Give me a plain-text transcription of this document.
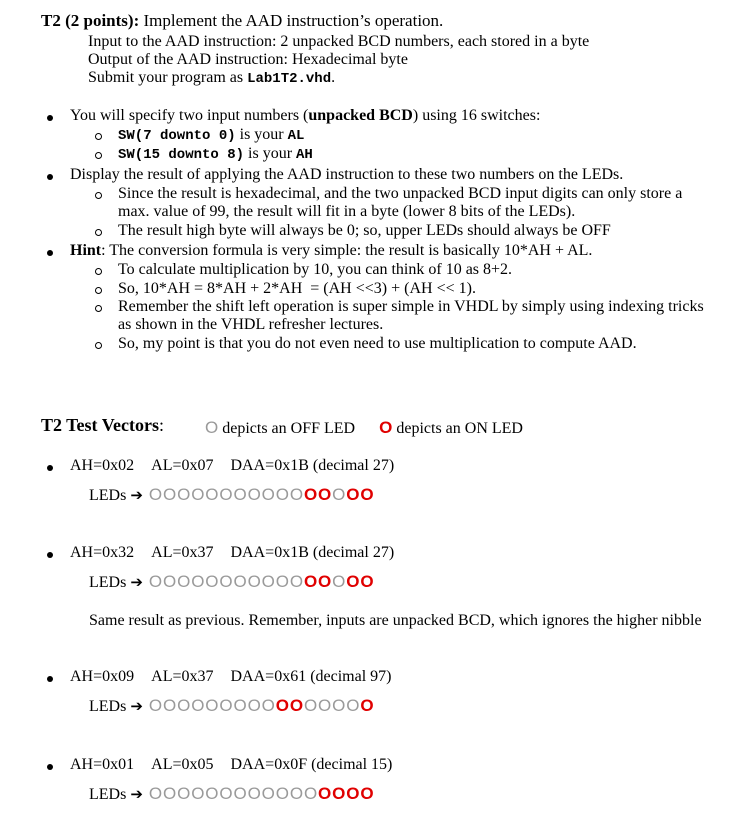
T2 (2 points): Implement the AAD instruction’s operation.
Input to the AAD instruction: 2 unpacked BCD numbers, each stored in a byte
Output of the AAD instruction: Hexadecimal byte
Submit your program as Lab1T2.vhd.
You will specify two input numbers (unpacked BCD) using 16 switches:
SW(7 downto 0) is your AL
SW(15 downto 8) is your AH
Display the result of applying the AAD instruction to these two numbers on the LEDs.
Since the result is hexadecimal, and the two unpacked BCD input digits can only store a
max. value of 99, the result will fit in a byte (lower 8 bits of the LEDs).
The result high byte will always be 0; so, upper LEDs should always be OFF
Hint: The conversion formula is very simple: the result is basically 10*AH + AL.
To calculate multiplication by 10, you can think of 10 as 8+2.
So, 10*AH = 8*AH + 2*AH  = (AH <<3) + (AH << 1).
Remember the shift left operation is super simple in VHDL by simply using indexing tricks
as shown in the VHDL refresher lectures.
So, my point is that you do not even need to use multiplication to compute AAD.
T2 Test Vectors: O depicts an OFF LED O depicts an ON LED
AH=0x02 AL=0x07 DAA=0x1B (decimal 27)
LEDs ➔ OOOOOOOOOOOOOOOO
AH=0x32 AL=0x37 DAA=0x1B (decimal 27)
LEDs ➔ OOOOOOOOOOOOOOOO
Same result as previous. Remember, inputs are unpacked BCD, which ignores the higher nibble
AH=0x09 AL=0x37 DAA=0x61 (decimal 97)
LEDs ➔ OOOOOOOOOOOOOOOO
AH=0x01 AL=0x05 DAA=0x0F (decimal 15)
LEDs ➔ OOOOOOOOOOOOOOOO
